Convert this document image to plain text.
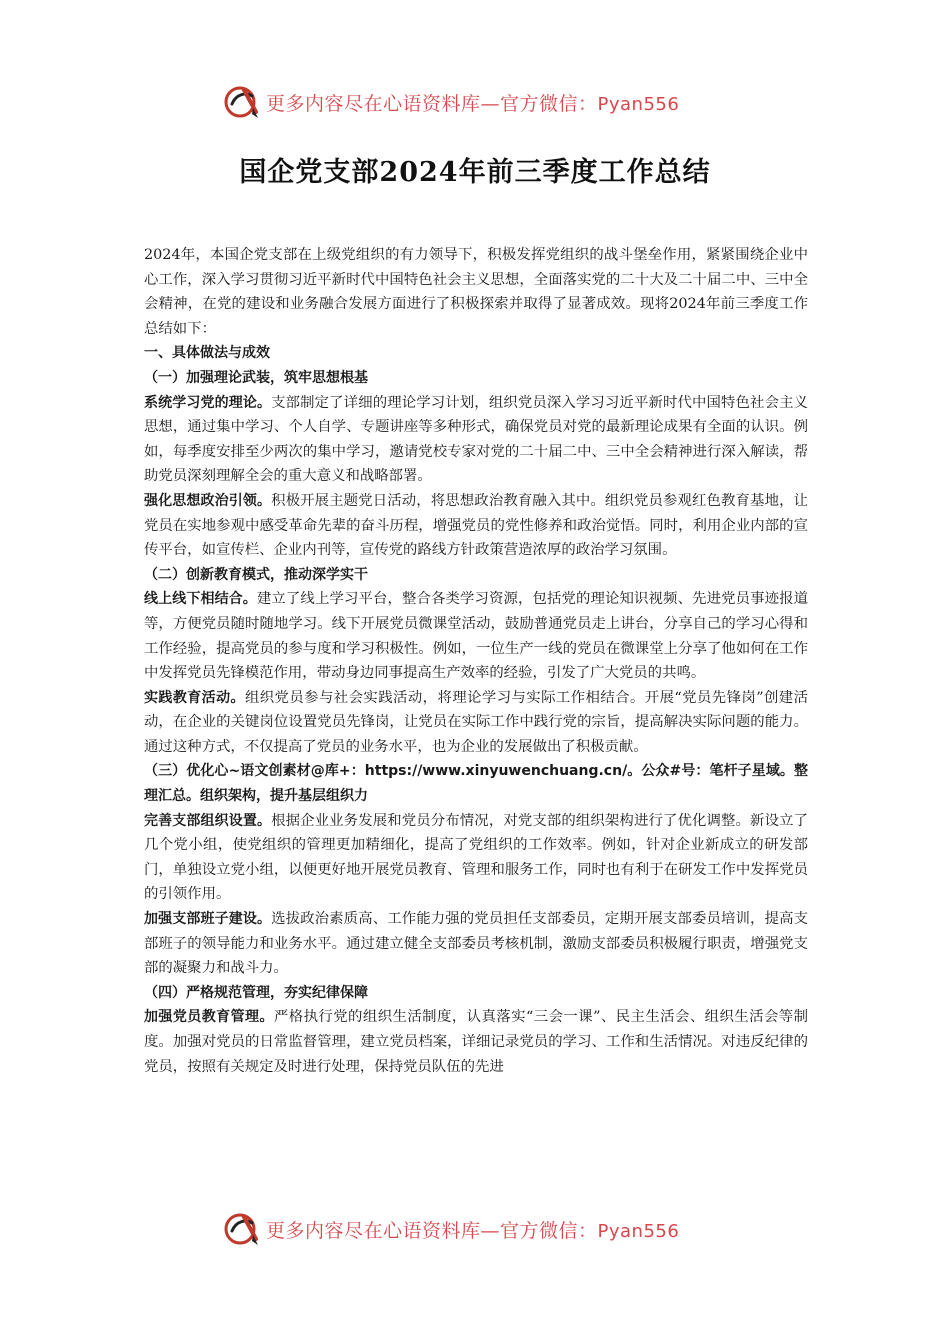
更多内容尽在心语资料库—官方微信：Pyan556
国企党支部2024年前三季度工作总结

2024年，本国企党支部在上级党组织的有力领导下，积极发挥党组织的战斗堡垒作用，紧紧围绕企业中心工作，深入学习贯彻习近平新时代中国特色社会主义思想，全面落实党的二十大及二十届二中、三中全会精神，在党的建设和业务融合发展方面进行了积极探索并取得了显著成效。现将2024年前三季度工作总结如下：

一、具体做法与成效

（一）加强理论武装，筑牢思想根基

系统学习党的理论。支部制定了详细的理论学习计划，组织党员深入学习习近平新时代中国特色社会主义思想，通过集中学习、个人自学、专题讲座等多种形式，确保党员对党的最新理论成果有全面的认识。例如，每季度安排至少两次的集中学习，邀请党校专家对党的二十届二中、三中全会精神进行深入解读，帮助党员深刻理解全会的重大意义和战略部署。

强化思想政治引领。积极开展主题党日活动，将思想政治教育融入其中。组织党员参观红色教育基地，让党员在实地参观中感受革命先辈的奋斗历程，增强党员的党性修养和政治觉悟。同时，利用企业内部的宣传平台，如宣传栏、企业内刊等，宣传党的路线方针政策营造浓厚的政治学习氛围。

（二）创新教育模式，推动深学实干

线上线下相结合。建立了线上学习平台，整合各类学习资源，包括党的理论知识视频、先进党员事迹报道等，方便党员随时随地学习。线下开展党员微课堂活动，鼓励普通党员走上讲台，分享自己的学习心得和工作经验，提高党员的参与度和学习积极性。例如，一位生产一线的党员在微课堂上分享了他如何在工作中发挥党员先锋模范作用，带动身边同事提高生产效率的经验，引发了广大党员的共鸣。

实践教育活动。组织党员参与社会实践活动，将理论学习与实际工作相结合。开展“党员先锋岗”创建活动，在企业的关键岗位设置党员先锋岗，让党员在实际工作中践行党的宗旨，提高解决实际问题的能力。通过这种方式，不仅提高了党员的业务水平，也为企业的发展做出了积极贡献。

（三）优化心~语文创素材@库+：https://www.xinyuwenchuang.cn/。公众#号：笔杆子星域。整理汇总。组织架构，提升基层组织力

完善支部组织设置。根据企业业务发展和党员分布情况，对党支部的组织架构进行了优化调整。新设立了几个党小组，使党组织的管理更加精细化，提高了党组织的工作效率。例如，针对企业新成立的研发部门，单独设立党小组，以便更好地开展党员教育、管理和服务工作，同时也有利于在研发工作中发挥党员的引领作用。

加强支部班子建设。选拔政治素质高、工作能力强的党员担任支部委员，定期开展支部委员培训，提高支部班子的领导能力和业务水平。通过建立健全支部委员考核机制，激励支部委员积极履行职责，增强党支部的凝聚力和战斗力。

（四）严格规范管理，夯实纪律保障

加强党员教育管理。严格执行党的组织生活制度，认真落实“三会一课”、民主生活会、组织生活会等制度。加强对党员的日常监督管理，建立党员档案，详细记录党员的学习、工作和生活情况。对违反纪律的党员，按照有关规定及时进行处理，保持党员队伍的先进

更多内容尽在心语资料库—官方微信：Pyan556
